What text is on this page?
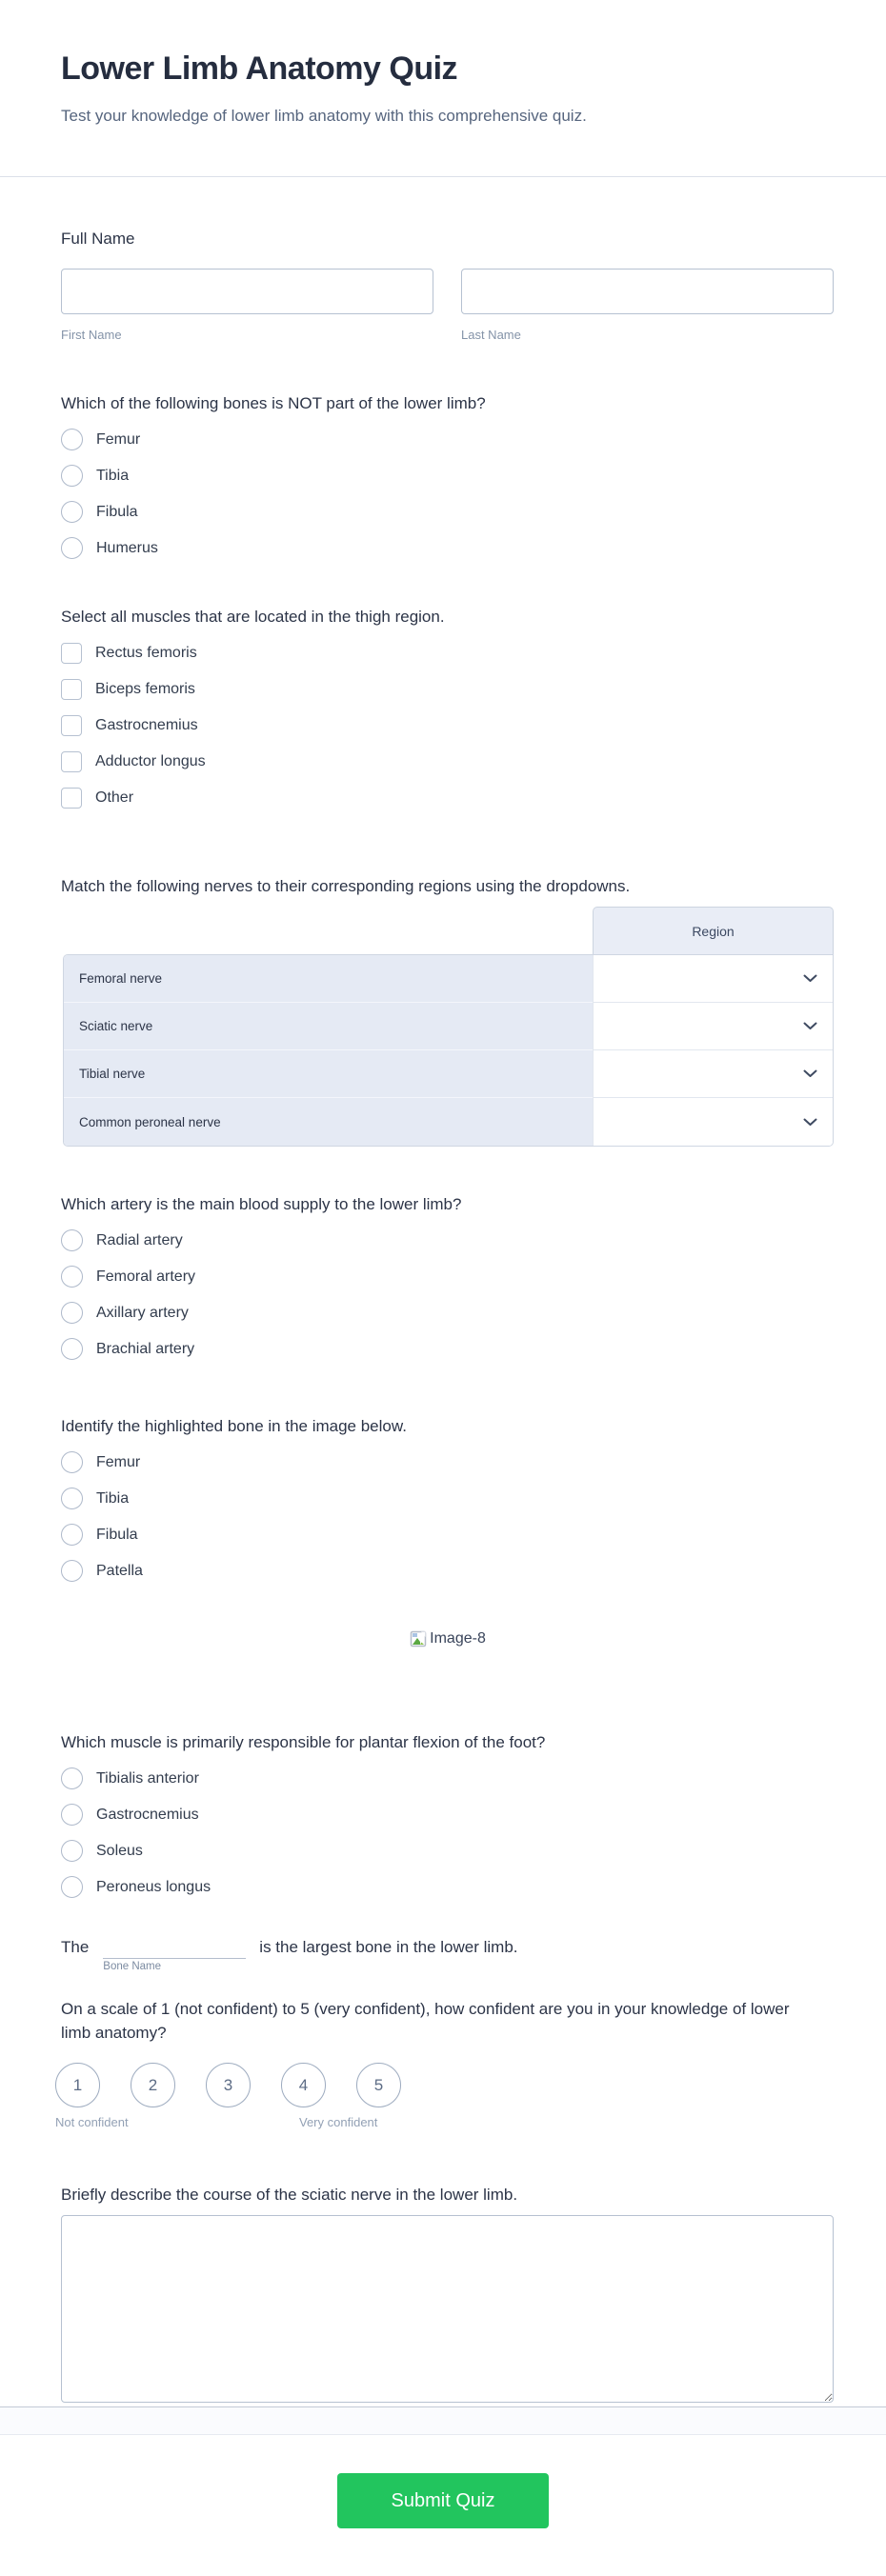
Lower Limb Anatomy Quiz
Test your knowledge of lower limb anatomy with this comprehensive quiz.
Full Name
First Name	Last Name
Which of the following bones is NOT part of the lower limb?
Femur
Tibia
Fibula
Humerus
Select all muscles that are located in the thigh region.
Rectus femoris
Biceps femoris
Gastrocnemius
Adductor longus
Other
Match the following nerves to their corresponding regions using the dropdowns.
Region
Femoral nerve
Sciatic nerve
Tibial nerve
Common peroneal nerve
Which artery is the main blood supply to the lower limb?
Radial artery
Femoral artery
Axillary artery
Brachial artery
Identify the highlighted bone in the image below.
Femur
Tibia
Fibula
Patella
Image-8
Which muscle is primarily responsible for plantar flexion of the foot?
Tibialis anterior
Gastrocnemius
Soleus
Peroneus longus
The
Bone Name
is the largest bone in the lower limb.
On a scale of 1 (not confident) to 5 (very confident), how confident are you in your knowledge of lower limb anatomy?
1	2	3	4	5
Not confident	Very confident
Briefly describe the course of the sciatic nerve in the lower limb.
Submit Quiz
